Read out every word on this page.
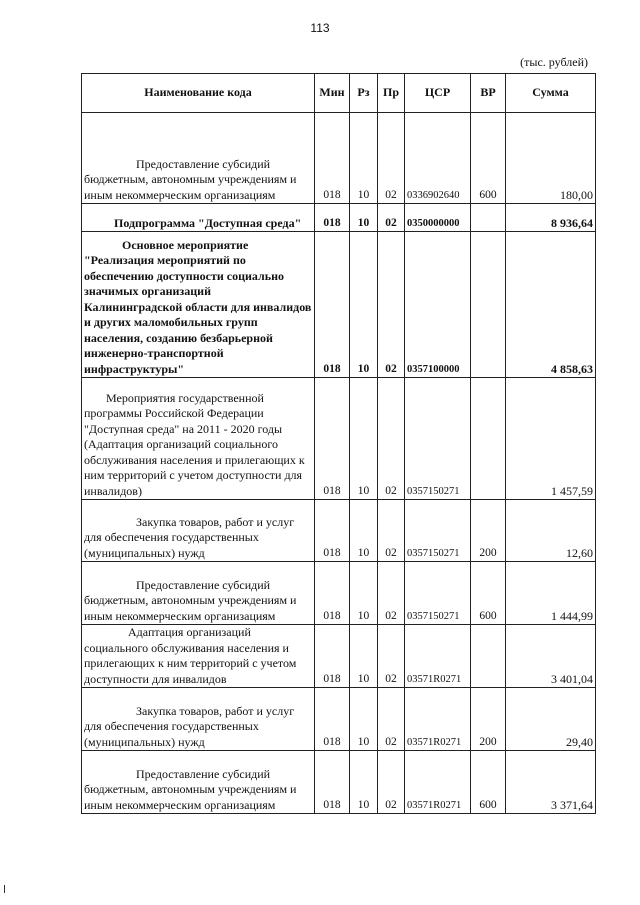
113
(тыс. рублей)
Наименование кода	Мин	Рз	Пр	ЦСР	ВР	Сумма
Предоставление субсидий бюджетным, автономным учреждениям и иным некоммерческим организациям	018	10	02	0336902640	600	180,00
Подпрограмма "Доступная среда"	018	10	02	0350000000		8 936,64
Основное мероприятие "Реализация мероприятий по обеспечению доступности социально значимых организаций Калининградской области для инвалидов и других маломобильных групп населения, созданию безбарьерной инженерно-транспортной инфраструктуры"	018	10	02	0357100000		4 858,63
Мероприятия государственной программы Российской Федерации "Доступная среда" на 2011 - 2020 годы (Адаптация организаций социального обслуживания населения и прилегающих к ним территорий с учетом доступности для инвалидов)	018	10	02	0357150271		1 457,59
Закупка товаров, работ и услуг для обеспечения государственных (муниципальных) нужд	018	10	02	0357150271	200	12,60
Предоставление субсидий бюджетным, автономным учреждениям и иным некоммерческим организациям	018	10	02	0357150271	600	1 444,99
Адаптация организаций социального обслуживания населения и прилегающих к ним территорий с учетом доступности для инвалидов	018	10	02	03571R0271		3 401,04
Закупка товаров, работ и услуг для обеспечения государственных (муниципальных) нужд	018	10	02	03571R0271	200	29,40
Предоставление субсидий бюджетным, автономным учреждениям и иным некоммерческим организациям	018	10	02	03571R0271	600	3 371,64
